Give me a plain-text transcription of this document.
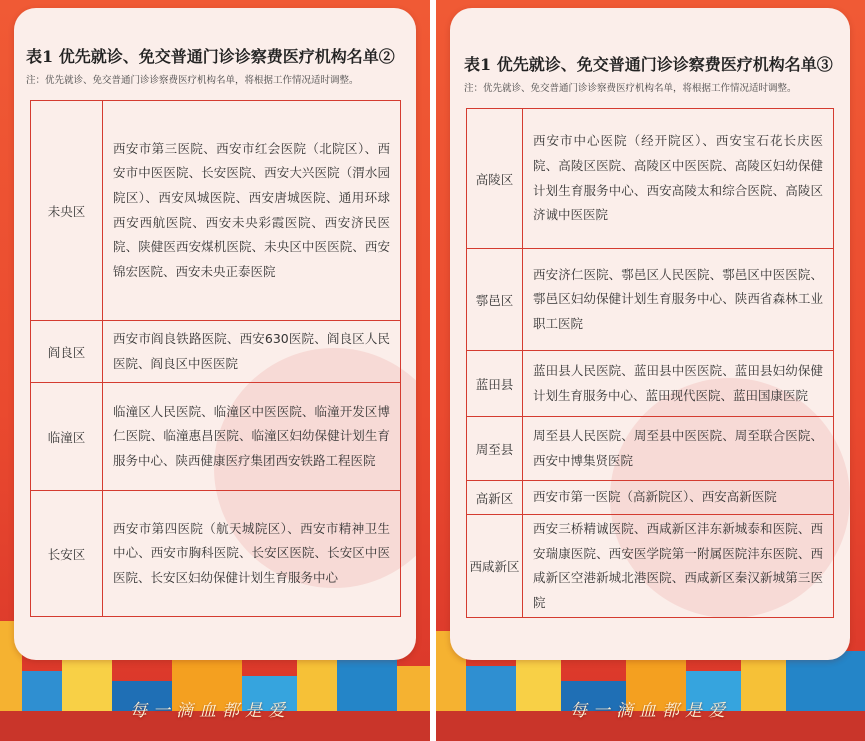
每一滴血都是爱	每一滴血都是爱
表1 优先就诊、免交普通门诊诊察费医疗机构名单②
注：优先就诊、免交普通门诊诊察费医疗机构名单，将根据工作情况适时调整。
未央区	西安市第三医院、西安市红会医院（北院区）、西安市中医医院、长安医院、西安大兴医院（渭水园院区）、西安凤城医院、西安唐城医院、通用环球西安西航医院、西安未央彩霞医院、西安济民医院、陕健医西安煤机医院、未央区中医医院、西安锦宏医院、西安未央正泰医院
阎良区	西安市阎良铁路医院、西安630医院、阎良区人民医院、阎良区中医医院
临潼区	临潼区人民医院、临潼区中医医院、临潼开发区博仁医院、临潼惠昌医院、临潼区妇幼保健计划生育服务中心、陕西健康医疗集团西安铁路工程医院
长安区	西安市第四医院（航天城院区）、西安市精神卫生中心、西安市胸科医院、长安区医院、长安区中医医院、长安区妇幼保健计划生育服务中心
表1 优先就诊、免交普通门诊诊察费医疗机构名单③
注：优先就诊、免交普通门诊诊察费医疗机构名单，将根据工作情况适时调整。
高陵区	西安市中心医院（经开院区）、西安宝石花长庆医院、高陵区医院、高陵区中医医院、高陵区妇幼保健计划生育服务中心、西安高陵太和综合医院、高陵区济诚中医医院
鄠邑区	西安济仁医院、鄠邑区人民医院、鄠邑区中医医院、鄠邑区妇幼保健计划生育服务中心、陕西省森林工业职工医院
蓝田县	蓝田县人民医院、蓝田县中医医院、蓝田县妇幼保健计划生育服务中心、蓝田现代医院、蓝田国康医院
周至县	周至县人民医院、周至县中医医院、周至联合医院、西安中博集贤医院
高新区	西安市第一医院（高新院区）、西安高新医院
西咸新区	西安三桥精诚医院、西咸新区沣东新城泰和医院、西安瑞康医院、西安医学院第一附属医院沣东医院、西咸新区空港新城北港医院、西咸新区秦汉新城第三医院
